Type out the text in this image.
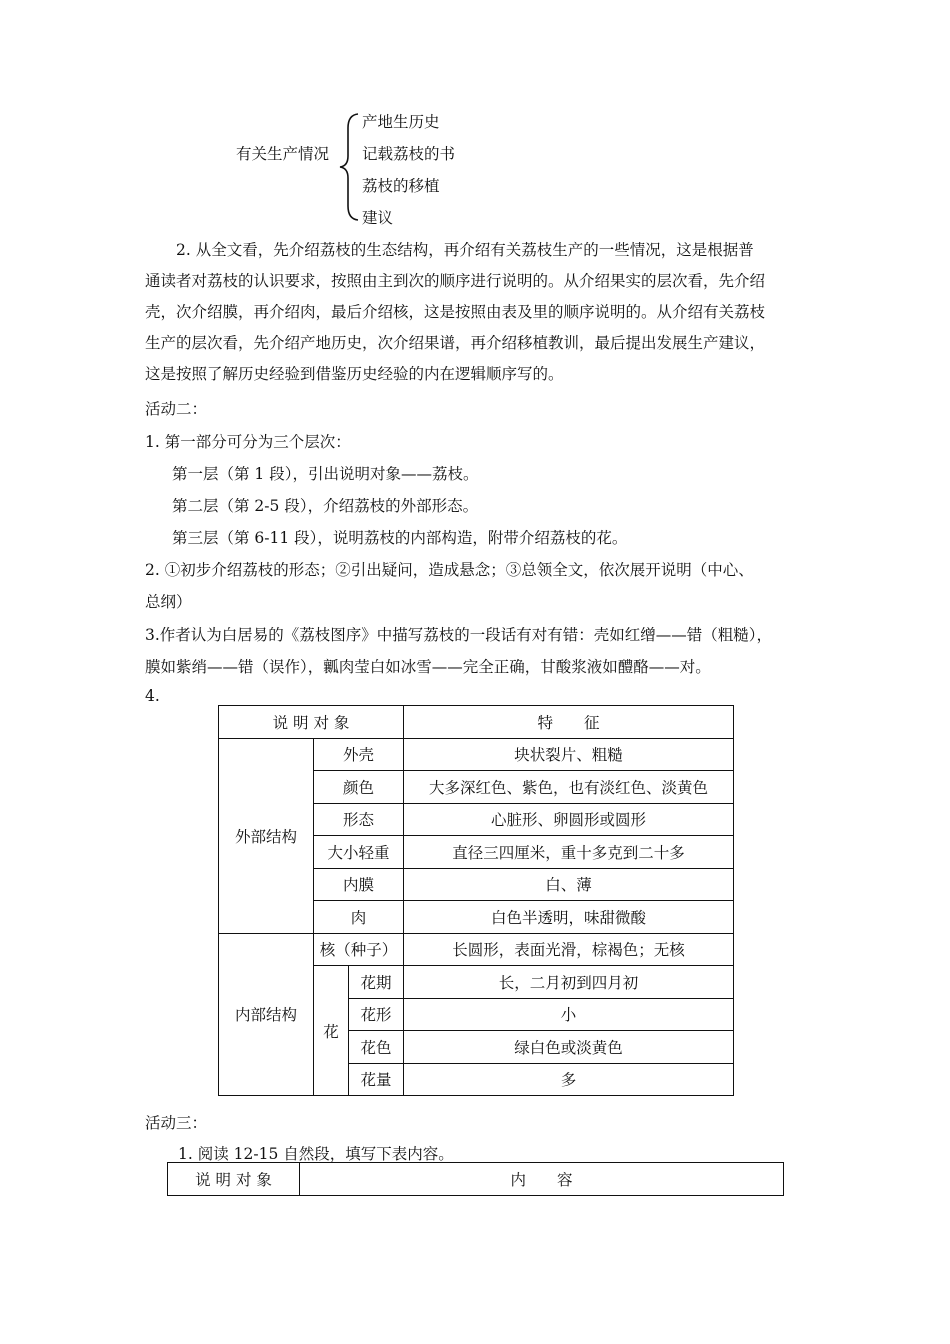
有关生产情况
产地生历史
记载荔枝的书
荔枝的移植
建议
2. 从全文看，先介绍荔枝的生态结构，再介绍有关荔枝生产的一些情况，这是根据普
通读者对荔枝的认识要求，按照由主到次的顺序进行说明的。从介绍果实的层次看，先介绍
壳，次介绍膜，再介绍肉，最后介绍核，这是按照由表及里的顺序说明的。从介绍有关荔枝
生产的层次看，先介绍产地历史，次介绍果谱，再介绍移植教训，最后提出发展生产建议，
这是按照了解历史经验到借鉴历史经验的内在逻辑顺序写的。
活动二：
1. 第一部分可分为三个层次：
第一层（第 1 段），引出说明对象——荔枝。
第二层（第 2-5 段），介绍荔枝的外部形态。
第三层（第 6-11 段），说明荔枝的内部构造，附带介绍荔枝的花。
2. ①初步介绍荔枝的形态；②引出疑问，造成悬念；③总领全文，依次展开说明（中心、
总纲）
3.作者认为白居易的《荔枝图序》中描写荔枝的一段话有对有错：壳如红缯——错（粗糙），
膜如紫绡——错（误作），瓤肉莹白如冰雪——完全正确，甘酸浆液如醴酪——对。
4.
说 明 对 象			特　　征
外部结构	外壳		块状裂片、粗糙
	颜色		大多深红色、紫色，也有淡红色、淡黄色
	形态		心脏形、卵圆形或圆形
	大小轻重		直径三四厘米，重十多克到二十多
	内膜		白、薄
	肉		白色半透明，味甜微酸
内部结构	核（种子）		长圆形，表面光滑，棕褐色；无核
	花	花期	长，二月初到四月初
		花形	小
		花色	绿白色或淡黄色
		花量	多
活动三：
1. 阅读 12-15 自然段，填写下表内容。
说 明 对 象	内　　容
